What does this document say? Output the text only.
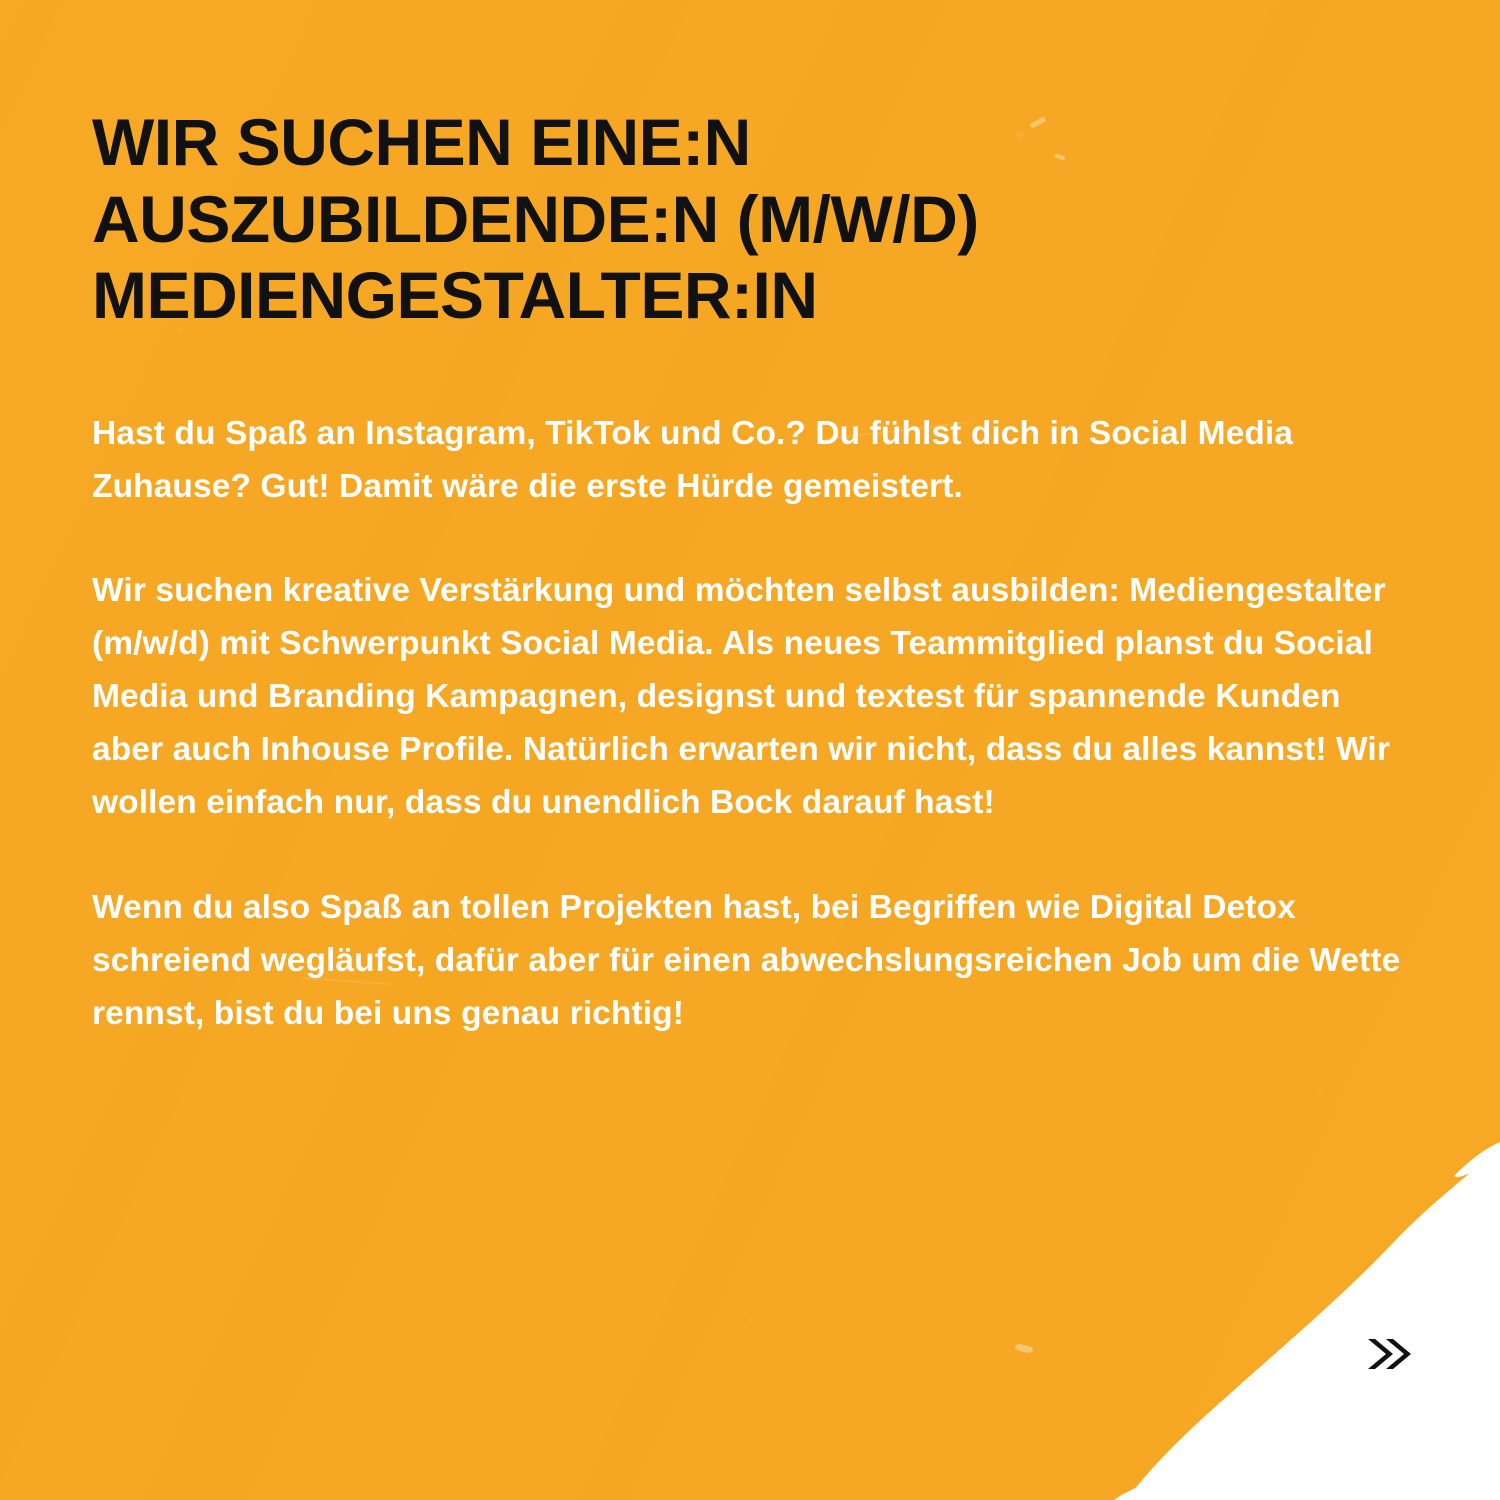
WIR SUCHEN EINE:N AUSZUBILDENDE:N (M/W/D) MEDIENGESTALTER:IN

Hast du Spaß an Instagram, TikTok und Co.? Du fühlst dich in Social Media Zuhause? Gut! Damit wäre die erste Hürde gemeistert.

Wir suchen kreative Verstärkung und möchten selbst ausbilden: Mediengestalter (m/w/d) mit Schwerpunkt Social Media. Als neues Teammitglied planst du Social Media und Branding Kampagnen, designst und textest für spannende Kunden aber auch Inhouse Profile. Natürlich erwarten wir nicht, dass du alles kannst! Wir wollen einfach nur, dass du unendlich Bock darauf hast!

Wenn du also Spaß an tollen Projekten hast, bei Begriffen wie Digital Detox schreiend wegläufst, dafür aber für einen abwechslungsreichen Job um die Wette rennst, bist du bei uns genau richtig!
